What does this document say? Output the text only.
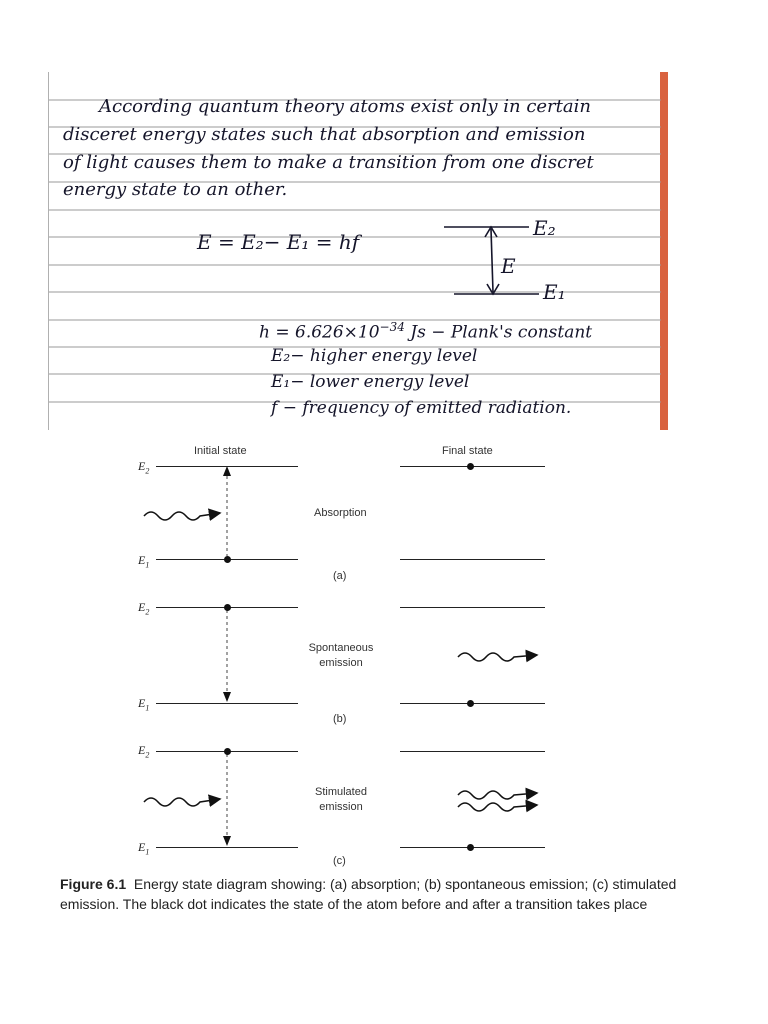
According quantum theory atoms exist only in certain
disceret energy states such that absorption and emission
of light causes them to make a transition from one discret
energy state to an other.
E = E₂− E₁ = hf
E₂
E
E₁
$h = 6.626\times 10^{-34}$ Js − Plank's constant
E₂− higher energy level
E₁− lower energy level
f − frequency of emitted radiation.
Initial state	Final state
$E_2$
Absorption
$E_1$
(a)
$E_2$
Spontaneous emission
$E_1$
(b)
$E_2$
Stimulated emission
$E_1$
(c)
Figure 6.1 Energy state diagram showing: (a) absorption; (b) spontaneous emission; (c) stimulated emission. The black dot indicates the state of the atom before and after a transition takes place
